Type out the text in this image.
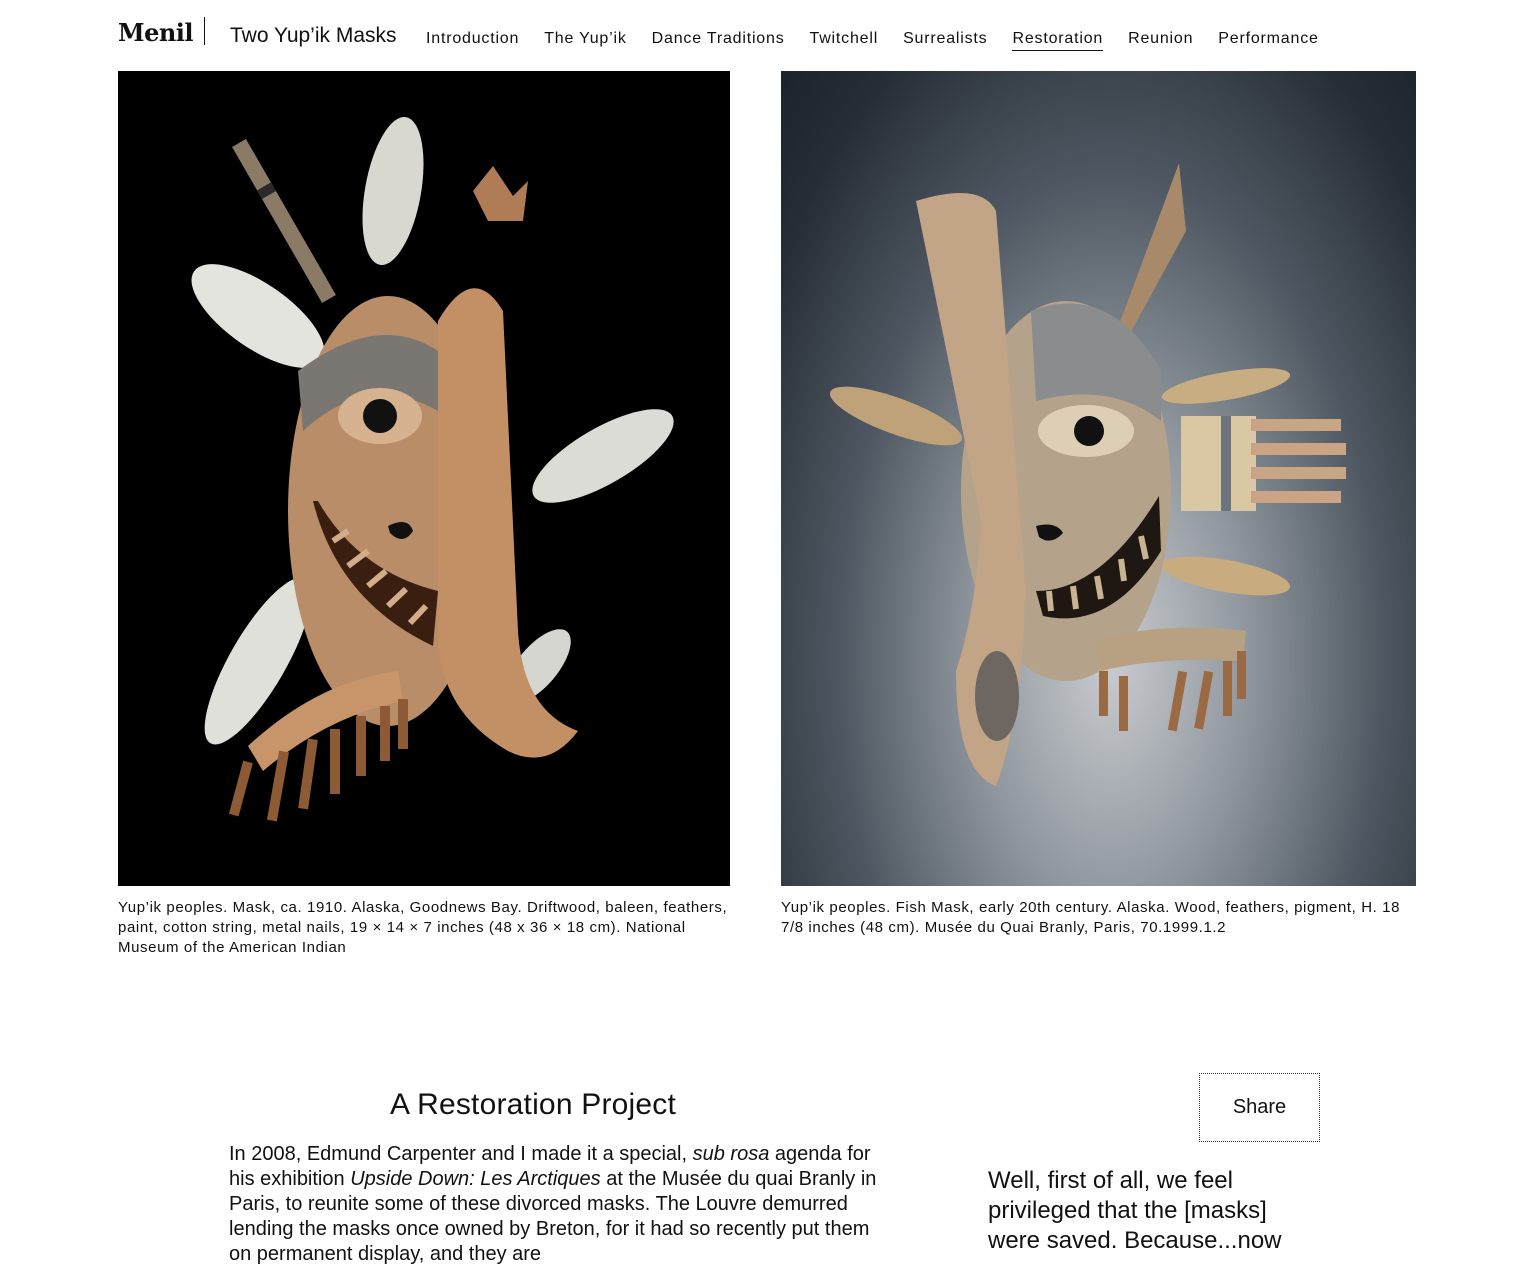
Menil Two Yup’ik Masks Introduction The Yup’ik Dance Traditions Twitchell Surrealists Restoration Reunion Performance
Yup’ik peoples. Mask, ca. 1910. Alaska, Goodnews Bay. Driftwood, baleen, feathers, paint, cotton string, metal nails, 19 × 14 × 7 inches (48 x 36 × 18 cm). National Museum of the American Indian
Yup’ik peoples. Fish Mask, early 20th century. Alaska. Wood, feathers, pigment, H. 18 7/8 inches (48 cm). Musée du Quai Branly, Paris, 70.1999.1.2
A Restoration Project
In 2008, Edmund Carpenter and I made it a special, sub rosa agenda for his exhibition Upside Down: Les Arctiques at the Musée du quai Branly in Paris, to reunite some of these divorced masks. The Louvre demurred lending the masks once owned by Breton, for it had so recently put them on permanent display, and they are
Share
Well, first of all, we feel privileged that the [masks] were saved. Because...now
